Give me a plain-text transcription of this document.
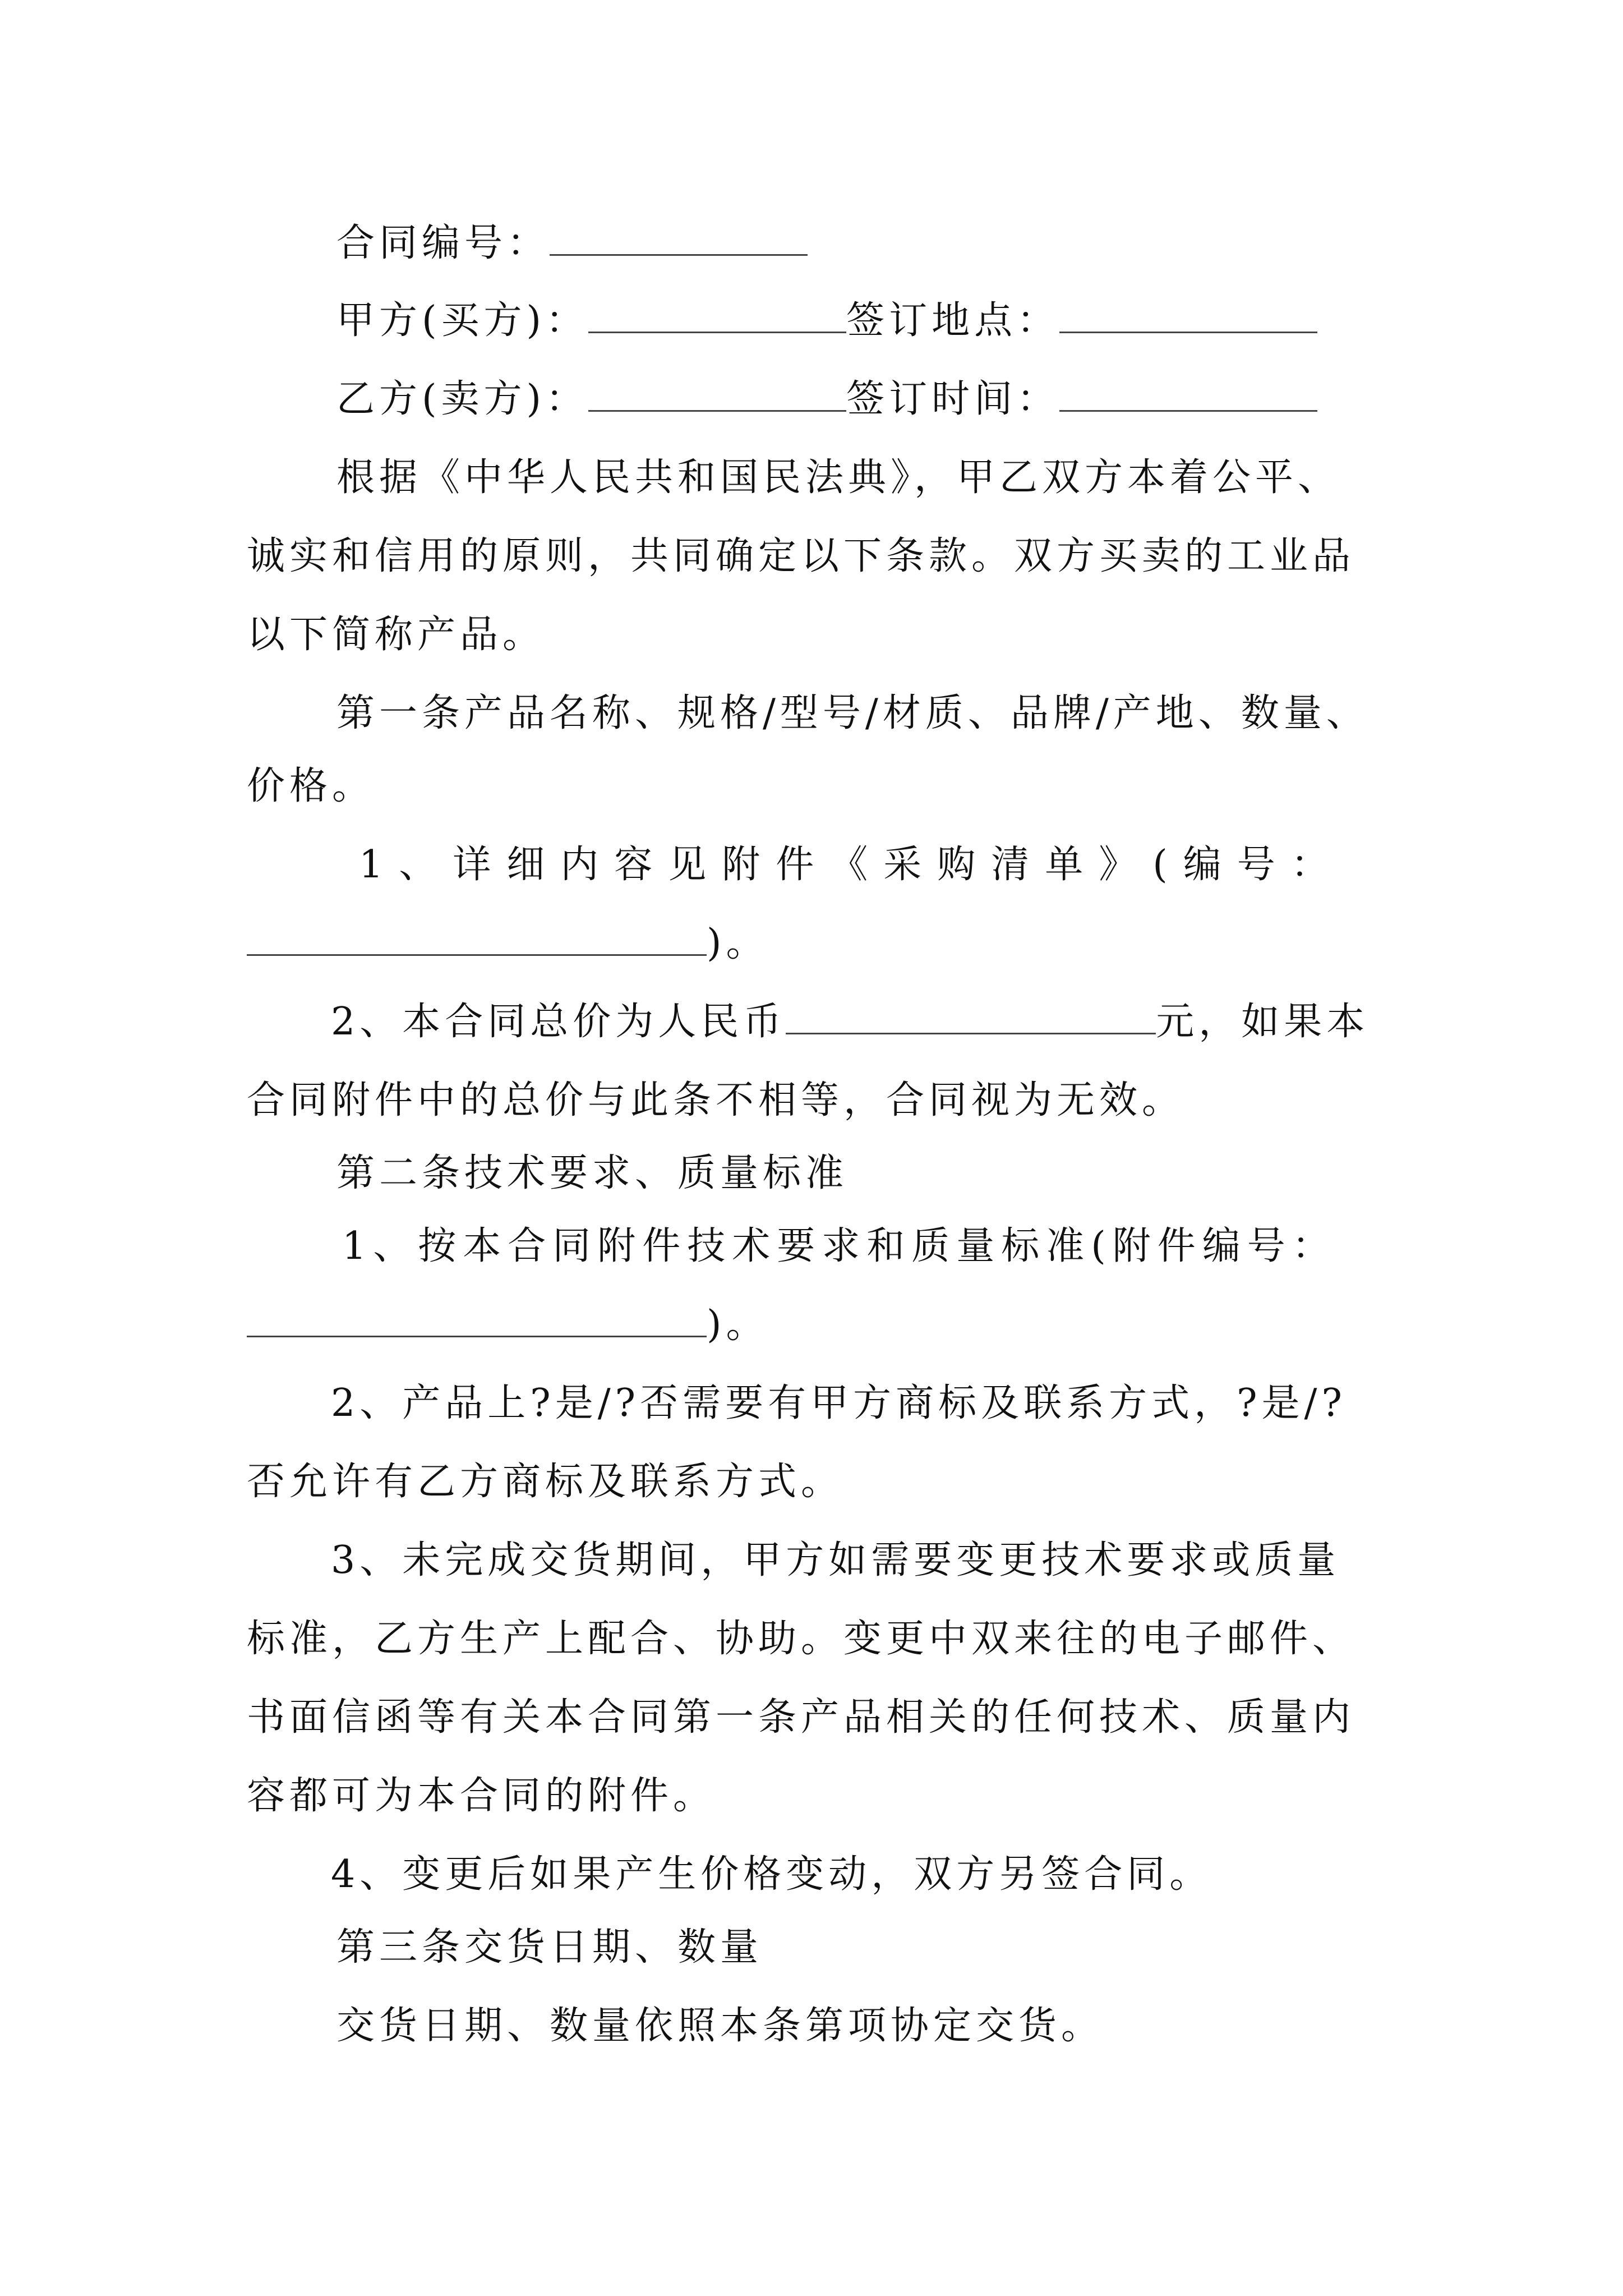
合同编号：
甲方(买方)：	签订地点：
乙方(卖方)：	签订时间：
根据《中华人民共和国民法典》，甲乙双方本着公平、
诚实和信用的原则，共同确定以下条款。双方买卖的工业品
以下简称产品。
第一条产品名称、规格/型号/材质、品牌/产地、数量、
价格。
1、详细内容见附件《采购清单》(编号：
)。
2、本合同总价为人民币	元，如果本
合同附件中的总价与此条不相等，合同视为无效。
第二条技术要求、质量标准
1、按本合同附件技术要求和质量标准(附件编号：
)。
2、产品上?是/?否需要有甲方商标及联系方式，?是/?
否允许有乙方商标及联系方式。
3、未完成交货期间，甲方如需要变更技术要求或质量
标准，乙方生产上配合、协助。变更中双来往的电子邮件、
书面信函等有关本合同第一条产品相关的任何技术、质量内
容都可为本合同的附件。
4、变更后如果产生价格变动，双方另签合同。
第三条交货日期、数量
交货日期、数量依照本条第项协定交货。
